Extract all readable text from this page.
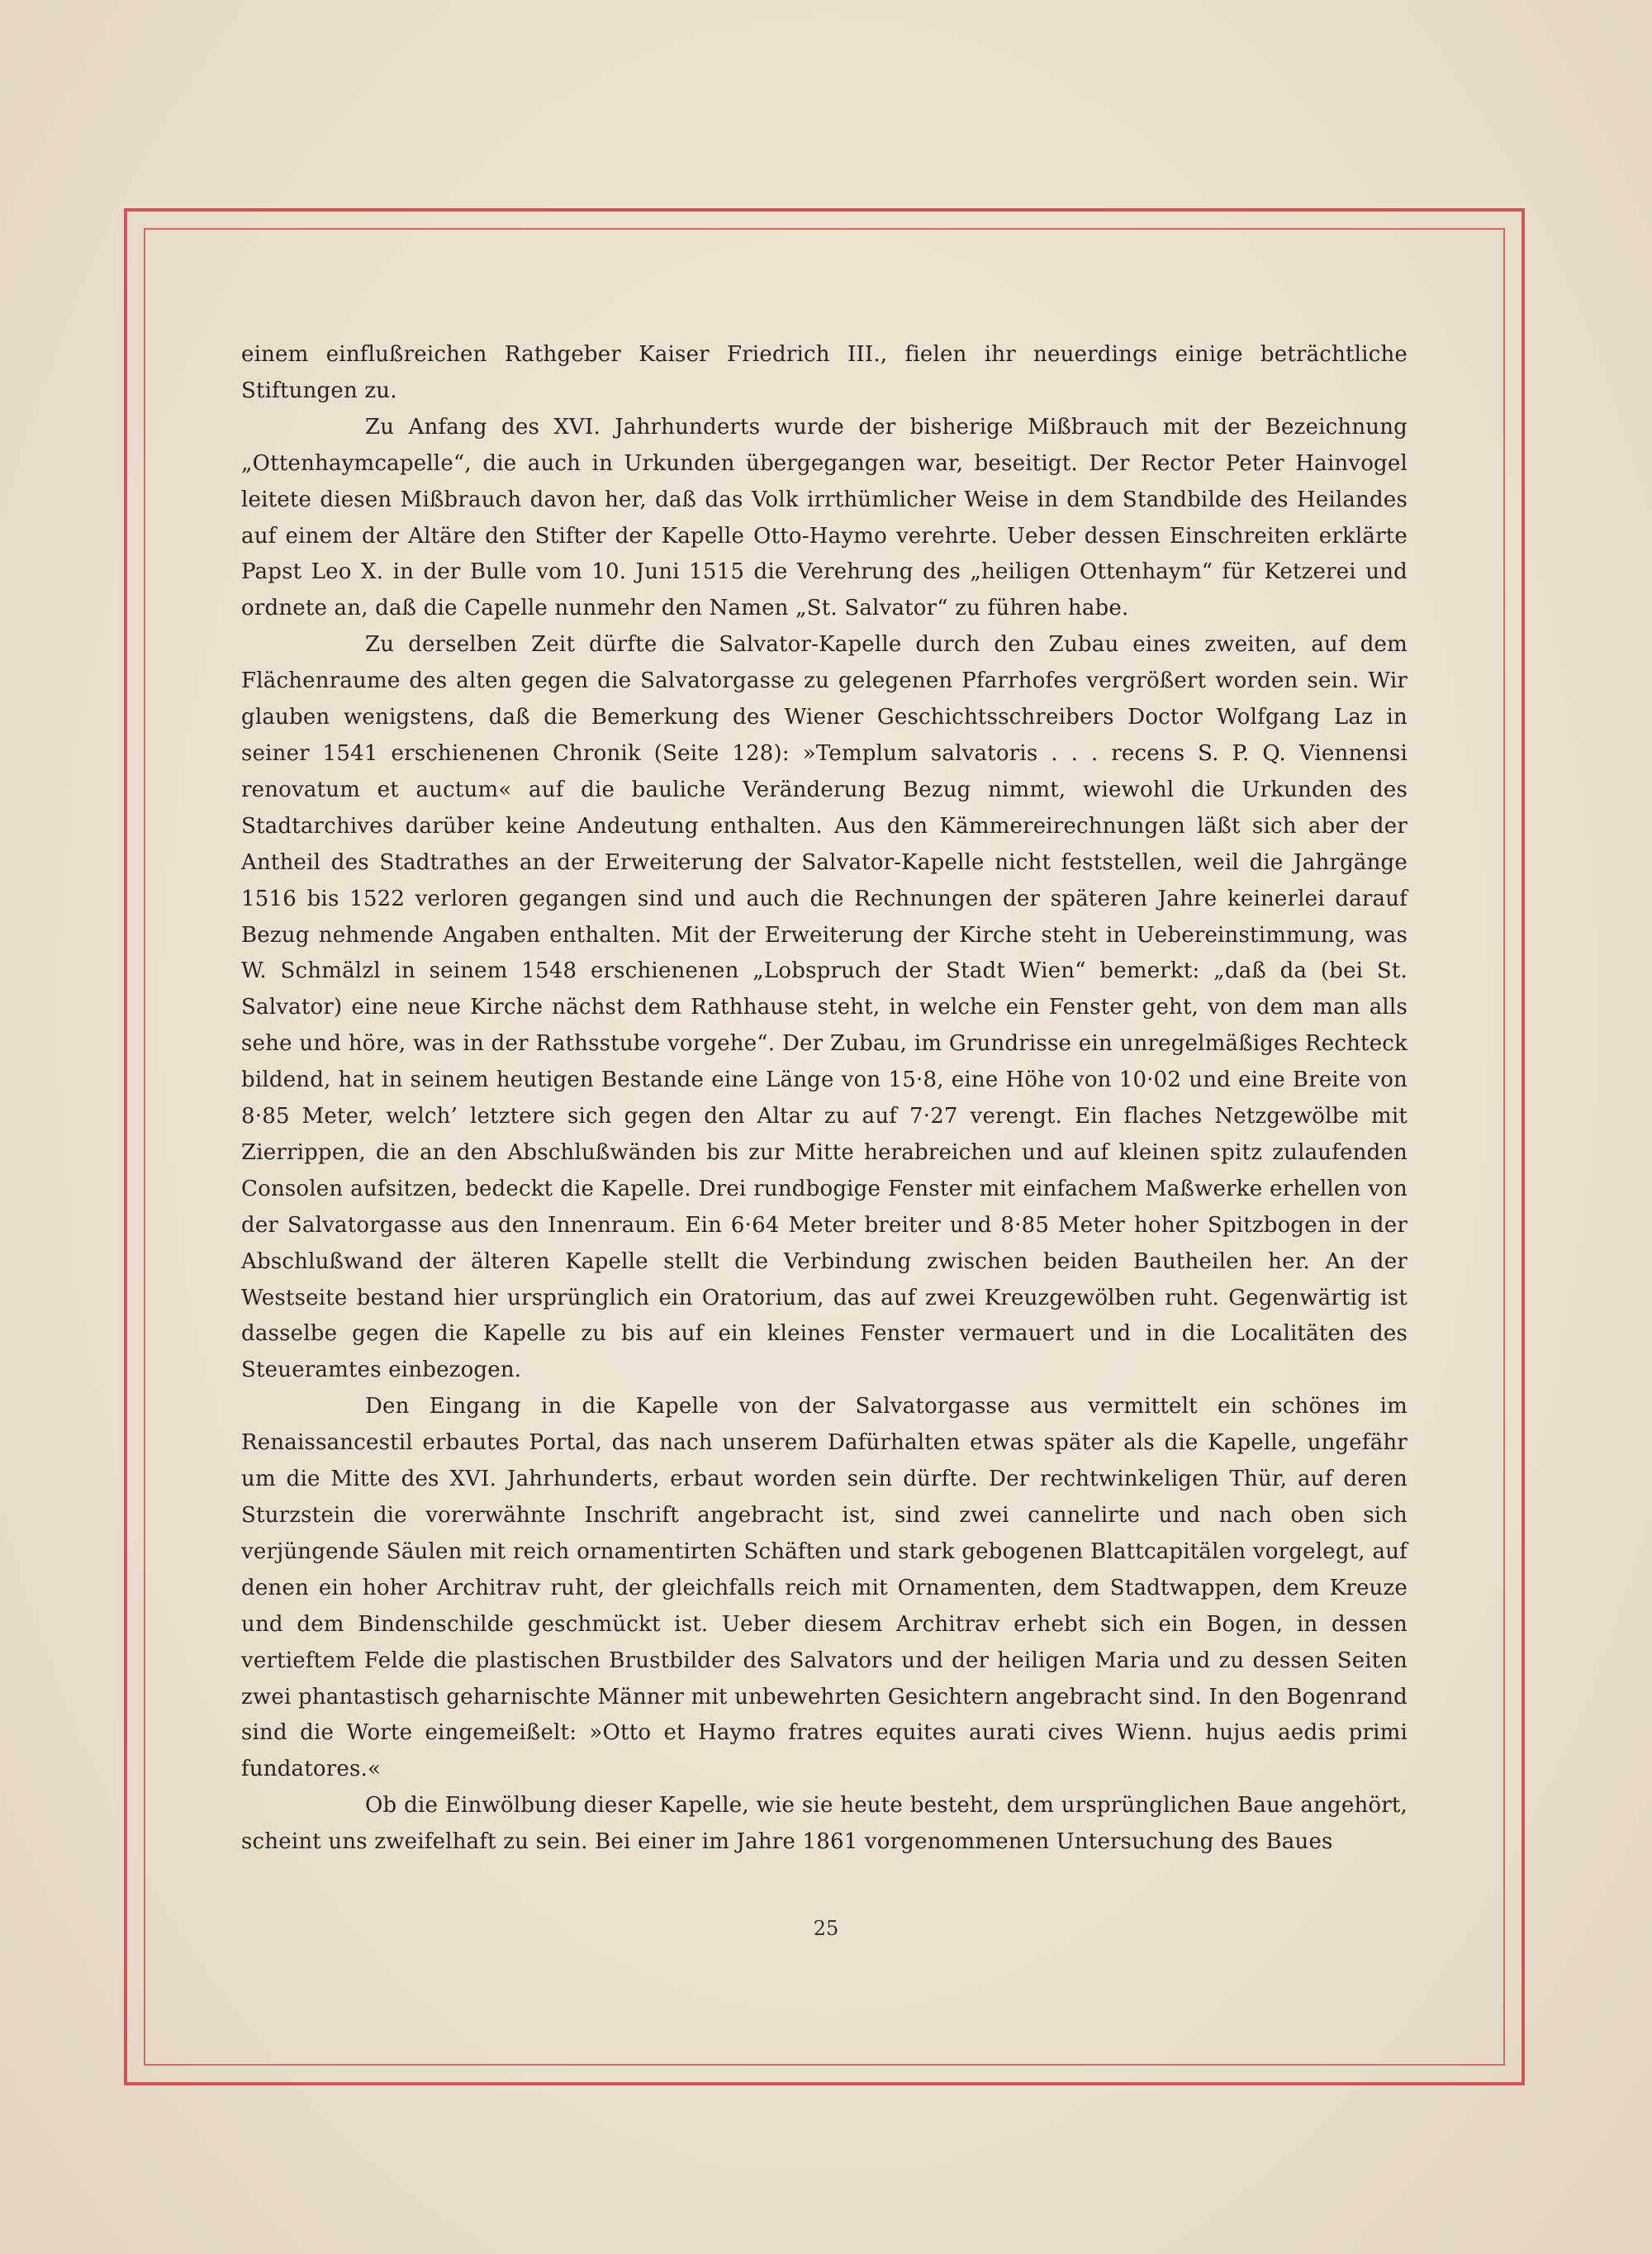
einem einflußreichen Rathgeber Kaiser Friedrich III., fielen ihr neuerdings einige beträchtliche Stiftungen zu.

Zu Anfang des XVI. Jahrhunderts wurde der bisherige Mißbrauch mit der Bezeichnung „Ottenhaymcapelle“, die auch in Urkunden übergegangen war, beseitigt. Der Rector Peter Hainvogel leitete diesen Mißbrauch davon her, daß das Volk irrthümlicher Weise in dem Standbilde des Heilandes auf einem der Altäre den Stifter der Kapelle Otto-Haymo verehrte. Ueber dessen Einschreiten erklärte Papst Leo X. in der Bulle vom 10. Juni 1515 die Verehrung des „heiligen Ottenhaym“ für Ketzerei und ordnete an, daß die Capelle nunmehr den Namen „St. Salvator“ zu führen habe.

Zu derselben Zeit dürfte die Salvator-Kapelle durch den Zubau eines zweiten, auf dem Flächenraume des alten gegen die Salvatorgasse zu gelegenen Pfarrhofes vergrößert worden sein. Wir glauben wenigstens, daß die Bemerkung des Wiener Geschichtsschreibers Doctor Wolfgang Laz in seiner 1541 erschienenen Chronik (Seite 128): »Templum salvatoris . . . recens S. P. Q. Viennensi renovatum et auctum« auf die bauliche Veränderung Bezug nimmt, wiewohl die Urkunden des Stadtarchives darüber keine Andeutung enthalten. Aus den Kämmereirechnungen läßt sich aber der Antheil des Stadtrathes an der Erweiterung der Salvator-Kapelle nicht feststellen, weil die Jahrgänge 1516 bis 1522 verloren gegangen sind und auch die Rechnungen der späteren Jahre keinerlei darauf Bezug nehmende Angaben enthalten. Mit der Erweiterung der Kirche steht in Uebereinstimmung, was W. Schmälzl in seinem 1548 erschienenen „Lobspruch der Stadt Wien“ bemerkt: „daß da (bei St. Salvator) eine neue Kirche nächst dem Rathhause steht, in welche ein Fenster geht, von dem man alls sehe und höre, was in der Rathsstube vorgehe“. Der Zubau, im Grundrisse ein unregelmäßiges Rechteck bildend, hat in seinem heutigen Bestande eine Länge von 15·8, eine Höhe von 10·02 und eine Breite von 8·85 Meter, welch’ letztere sich gegen den Altar zu auf 7·27 verengt. Ein flaches Netzgewölbe mit Zierrippen, die an den Abschlußwänden bis zur Mitte herabreichen und auf kleinen spitz zulaufenden Consolen aufsitzen, bedeckt die Kapelle. Drei rundbogige Fenster mit einfachem Maßwerke erhellen von der Salvatorgasse aus den Innenraum. Ein 6·64 Meter breiter und 8·85 Meter hoher Spitzbogen in der Abschlußwand der älteren Kapelle stellt die Verbindung zwischen beiden Bautheilen her. An der Westseite bestand hier ursprünglich ein Oratorium, das auf zwei Kreuzgewölben ruht. Gegenwärtig ist dasselbe gegen die Kapelle zu bis auf ein kleines Fenster vermauert und in die Localitäten des Steueramtes einbezogen.

Den Eingang in die Kapelle von der Salvatorgasse aus vermittelt ein schönes im Renaissancestil erbautes Portal, das nach unserem Dafürhalten etwas später als die Kapelle, ungefähr um die Mitte des XVI. Jahrhunderts, erbaut worden sein dürfte. Der rechtwinkeligen Thür, auf deren Sturzstein die vorerwähnte Inschrift angebracht ist, sind zwei cannelirte und nach oben sich verjüngende Säulen mit reich ornamentirten Schäften und stark gebogenen Blattcapitälen vorgelegt, auf denen ein hoher Architrav ruht, der gleichfalls reich mit Ornamenten, dem Stadtwappen, dem Kreuze und dem Bindenschilde geschmückt ist. Ueber diesem Architrav erhebt sich ein Bogen, in dessen vertieftem Felde die plastischen Brustbilder des Salvators und der heiligen Maria und zu dessen Seiten zwei phantastisch geharnischte Männer mit unbewehrten Gesichtern angebracht sind. In den Bogenrand sind die Worte eingemeißelt: »Otto et Haymo fratres equites aurati cives Wienn. hujus aedis primi fundatores.«

Ob die Einwölbung dieser Kapelle, wie sie heute besteht, dem ursprünglichen Baue angehört, scheint uns zweifelhaft zu sein. Bei einer im Jahre 1861 vorgenommenen Untersuchung des Baues

25
